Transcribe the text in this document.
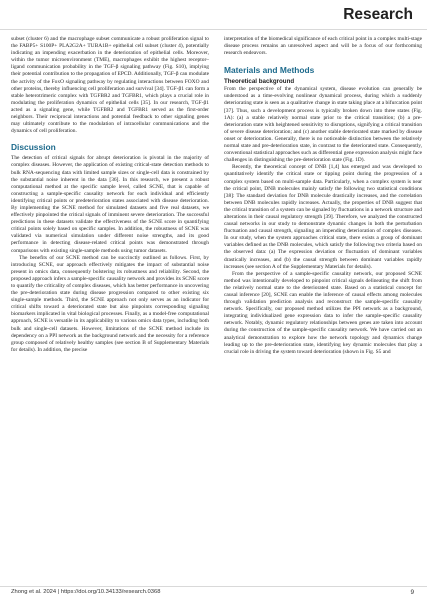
Research

subset (cluster 6) and the macrophage subset communicate a robust proliferation signal to the FABP5+ S100P+ PLA2G2A+ TUBA1B+ epithelial cell subset (cluster 4), potentially indicating an impending exacerbation in the deterioration of epithelial cells. Moreover, within the tumor microenvironment (TME), macrophages exhibit the highest receptor–ligand communication probability in the TGF-β signaling pathway (Fig. S10), implying their potential contribution to the propagation of EPCD. Additionally, TGF-β can modulate the activity of the FoxO signaling pathway by regulating interactions between FOXO and other proteins, thereby influencing cell proliferation and survival [34]. TGF-β1 can form a stable heterotrimeric complex with TGFBR2 and TGFBR1, which plays a crucial role in modulating the proliferation dynamics of epithelial cells [35]. In our research, TGF-β1 acted as a signaling gene, while TGFBR2 and TGFBR1 served as the first-order neighbors. Their reciprocal interactions and potential feedback to other signaling genes may ultimately contribute to the modulation of intracellular communications and the dynamics of cell proliferation.

Discussion

The detection of critical signals for abrupt deterioration is pivotal in the majority of complex diseases. However, the application of existing critical-state detection methods to bulk RNA-sequencing data with limited sample sizes or single-cell data is constrained by the substantial noise inherent in the data [36]. In this research, we present a robust computational method at the specific sample level, called SCNE, that is capable of constructing a sample-specific causality network for each individual and efficiently identifying critical points or predeterioration states associated with disease deterioration. By implementing the SCNE method for simulated datasets and five real datasets, we effectively pinpointed the critical signals of imminent severe deterioration. The successful predictions in these datasets validate the effectiveness of the SCNE score in quantifying critical points solely based on specific samples. In addition, the robustness of SCNE was validated via numerical simulation under different noise strengths, and its good performance in detecting disease-related critical points was demonstrated through comparisons with existing single-sample methods using tumor datasets.

The benefits of our SCNE method can be succinctly outlined as follows. First, by introducing SCNE, our approach effectively mitigates the impact of substantial noise present in omics data, consequently bolstering its robustness and reliability. Second, the proposed approach infers a sample-specific causality network and provides its SCNE score to quantify the criticality of complex diseases, which has better performance in uncovering the pre-deterioration state during disease progression compared to other existing six single-sample methods. Third, the SCNE approach not only serves as an indicator for critical shifts toward a deteriorated state but also pinpoints corresponding signaling biomarkers implicated in vital biological processes. Finally, as a model-free computational approach, SCNE is versatile in its applicability to various omics data types, including both bulk and single-cell datasets. However, limitations of the SCNE method include its dependency on a PPI network as the background network and the necessity for a reference group composed of relatively healthy samples (see section B of Supplementary Materials for details). In addition, the precise

interpretation of the biomedical significance of each critical point in a complex multi-stage disease process remains an unresolved aspect and will be a focus of our forthcoming research endeavors.

Materials and Methods
Theoretical background

From the perspective of the dynamical system, disease evolution can generally be understood as a time-evolving nonlinear dynamical process, during which a suddenly deteriorating state is seen as a qualitative change in state taking place at a bifurcation point [37]. Thus, such a development process is typically broken down into three states (Fig. 1A): (a) a stable relatively normal state prior to the critical transition; (b) a pre-deterioration state with heightened sensitivity to disruptions, signifying a critical transition of severe disease deterioration; and (c) another stable deteriorated state marked by disease onset or deterioration. Generally, there is no noticeable distinction between the relatively normal state and pre-deterioration state, in contrast to the deteriorated state. Consequently, conventional statistical approaches such as differential gene expression analysis might face challenges in distinguishing the pre-deterioration state (Fig. 1D).

Recently, the theoretical concept of DNB [1,4] has emerged and was developed to quantitatively identify the critical state or tipping point during the progression of a complex system based on multi-sample data. Particularly, when a complex system is near the critical point, DNB molecules mainly satisfy the following two statistical conditions [38]: The standard deviation for DNB molecule drastically increases, and the correlation between DNB molecules rapidly increases. Actually, the properties of DNB suggest that the critical transition of a system can be signaled by fluctuations in a network structure and alterations in their causal regulatory strength [39]. Therefore, we analyzed the constructed causal networks in our study to demonstrate dynamic changes in both the perturbation fluctuation and causal strength, signaling an impending deterioration of complex diseases. In our study, when the system approaches critical state, there exists a group of dominant variables defined as the DNB molecules, which satisfy the following two criteria based on the observed data: (a) The expression deviation or fluctuation of dominant variables drastically increases, and (b) the causal strength between dominant variables rapidly increases (see section A of the Supplementary Materials for details).

From the perspective of a sample-specific causality network, our proposed SCNE method was intentionally developed to pinpoint critical signals delineating the shift from the relatively normal state to the deteriorated state. Based on a statistical concept for causal inference [20], SCNE can enable the inference of causal effects among molecules through validation prediction analysis and reconstruct the sample-specific causality network. Specifically, our proposed method utilizes the PPI network as a background, integrating individualized gene expression data to infer the sample-specific causality network. Notably, dynamic regulatory relationships between genes are taken into account during the construction of the sample-specific causality network. We have carried out an analytical demonstration to explore how the network topology and dynamics change leading up to the pre-deterioration state, identifying key dynamic molecules that play a crucial role in driving the system toward deterioration (shown in Fig. S5 and

Zhong et al. 2024 | https://doi.org/10.34133/research.0368	9
